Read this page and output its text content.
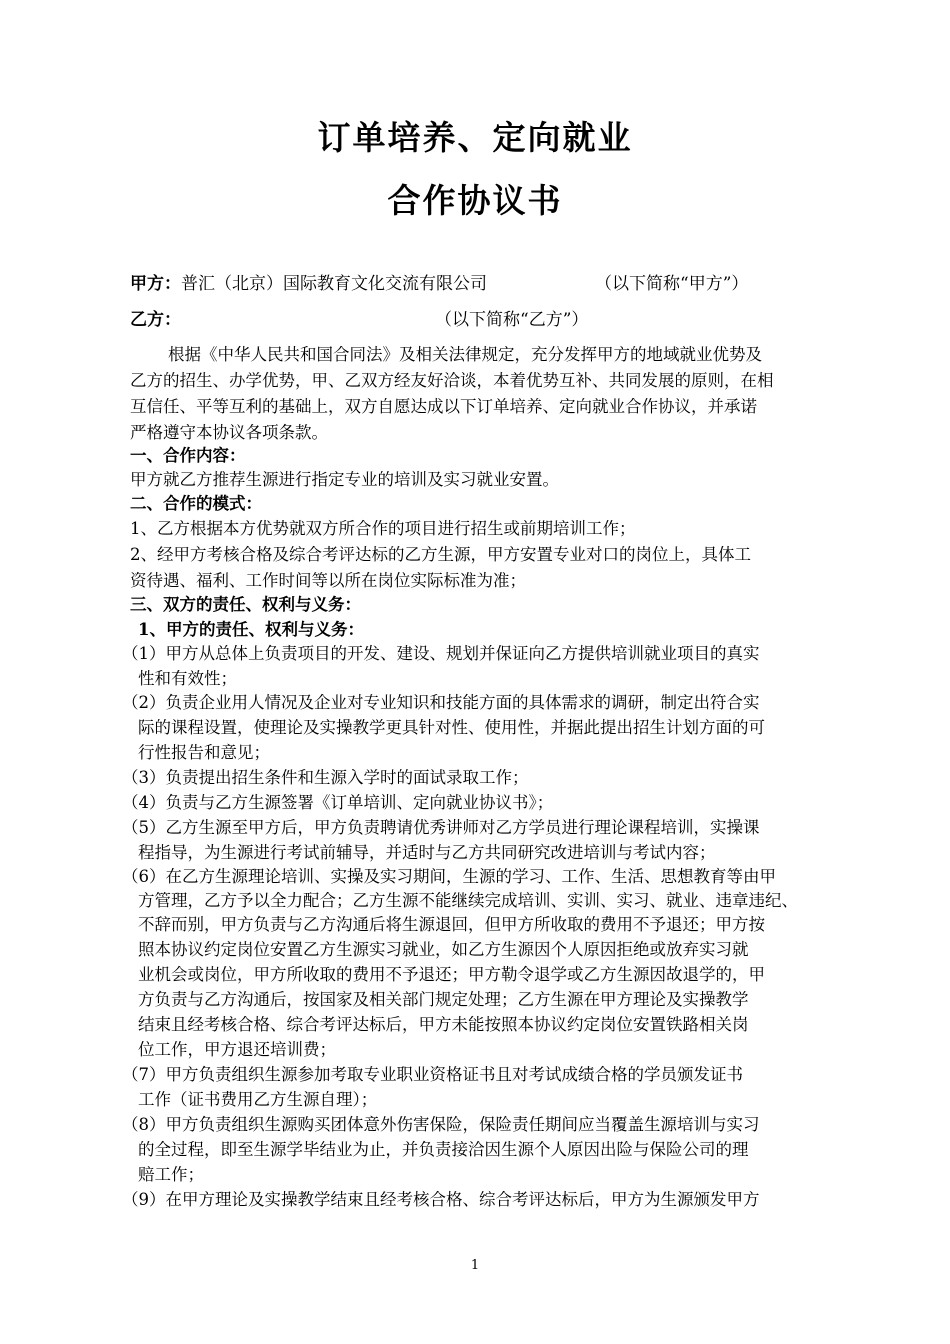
订单培养、定向就业
合作协议书
甲方：普汇（北京）国际教育文化交流有限公司	（以下简称“甲方”）
乙方：	（以下简称“乙方”）
根据《中华人民共和国合同法》及相关法律规定，充分发挥甲方的地域就业优势及
乙方的招生、办学优势，甲、乙双方经友好洽谈，本着优势互补、共同发展的原则，在相
互信任、平等互利的基础上，双方自愿达成以下订单培养、定向就业合作协议，并承诺
严格遵守本协议各项条款。
一、合作内容：
甲方就乙方推荐生源进行指定专业的培训及实习就业安置。
二、合作的模式：
1、乙方根据本方优势就双方所合作的项目进行招生或前期培训工作；
2、经甲方考核合格及综合考评达标的乙方生源，甲方安置专业对口的岗位上，具体工
资待遇、福利、工作时间等以所在岗位实际标准为准；
三、双方的责任、权利与义务：
1、甲方的责任、权利与义务：
（1）甲方从总体上负责项目的开发、建设、规划并保证向乙方提供培训就业项目的真实
性和有效性；
（2）负责企业用人情况及企业对专业知识和技能方面的具体需求的调研，制定出符合实
际的课程设置，使理论及实操教学更具针对性、使用性，并据此提出招生计划方面的可
行性报告和意见；
（3）负责提出招生条件和生源入学时的面试录取工作；
（4）负责与乙方生源签署《订单培训、定向就业协议书》；
（5）乙方生源至甲方后，甲方负责聘请优秀讲师对乙方学员进行理论课程培训，实操课
程指导，为生源进行考试前辅导，并适时与乙方共同研究改进培训与考试内容；
（6）在乙方生源理论培训、实操及实习期间，生源的学习、工作、生活、思想教育等由甲
方管理，乙方予以全力配合；乙方生源不能继续完成培训、实训、实习、就业、违章违纪、
不辞而别，甲方负责与乙方沟通后将生源退回，但甲方所收取的费用不予退还；甲方按
照本协议约定岗位安置乙方生源实习就业，如乙方生源因个人原因拒绝或放弃实习就
业机会或岗位，甲方所收取的费用不予退还；甲方勒令退学或乙方生源因故退学的，甲
方负责与乙方沟通后，按国家及相关部门规定处理；乙方生源在甲方理论及实操教学
结束且经考核合格、综合考评达标后，甲方未能按照本协议约定岗位安置铁路相关岗
位工作，甲方退还培训费；
（7）甲方负责组织生源参加考取专业职业资格证书且对考试成绩合格的学员颁发证书
工作（证书费用乙方生源自理）；
（8）甲方负责组织生源购买团体意外伤害保险，保险责任期间应当覆盖生源培训与实习
的全过程，即至生源学毕结业为止，并负责接洽因生源个人原因出险与保险公司的理
赔工作；
（9）在甲方理论及实操教学结束且经考核合格、综合考评达标后，甲方为生源颁发甲方
1
